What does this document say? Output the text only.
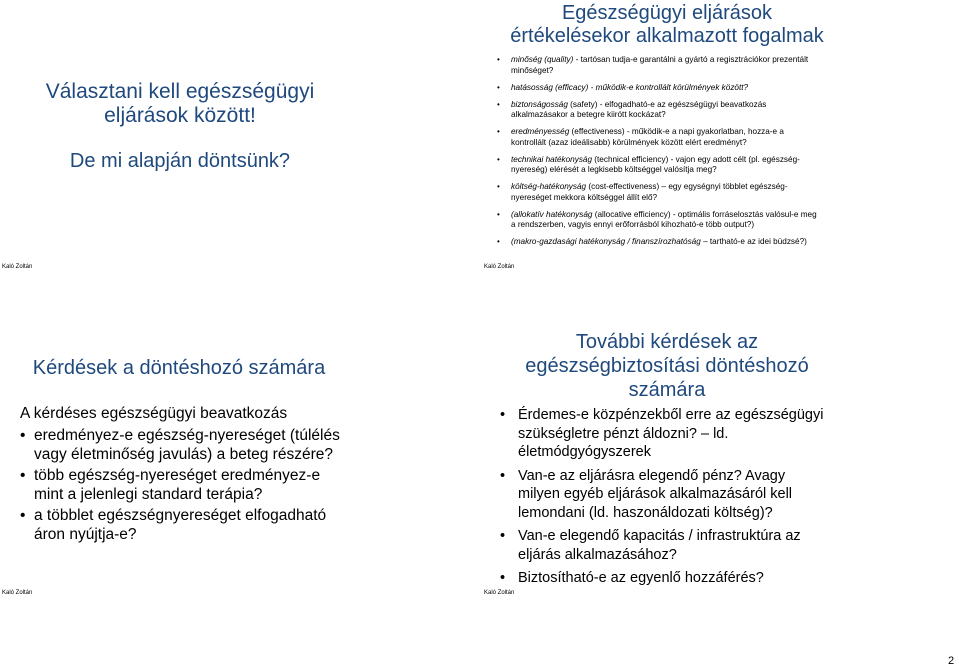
Választani kell egészségügyi
eljárások között!
De mi alapján döntsünk?
Kaló Zoltán
Egészségügyi eljárások
értékelésekor alkalmazott fogalmak
• minőség (quality) - tartósan tudja-e garantálni a gyártó a regisztrációkor prezentált minőséget?
• hatásosság (efficacy) - működik-e kontrollált körülmények között?
• biztonságosság (safety) - elfogadható-e az egészségügyi beavatkozás alkalmazásakor a betegre kiirótt kockázat?
• eredményesség (effectiveness) - működik-e a napi gyakorlatban, hozza-e a kontrollált (azaz ideálisabb) körülmények között elért eredményt?
• technikai hatékonyság (technical efficiency) - vajon egy adott célt (pl. egészség-nyereség) elérését a legkisebb költséggel valósítja meg?
• költség-hatékonyság (cost-effectiveness) – egy egységnyi többlet egészség-nyereséget mekkora költséggel állít elő?
• (allokatív hatékonyság (allocative efficiency) - optimális forráselosztás valósul-e meg a rendszerben, vagyis ennyi erőforrásból kihozható-e több output?)
• (makro-gazdasági hatékonyság / finanszírozhatóság – tartható-e az idei büdzsé?)
Kaló Zoltán
Kérdések a döntéshozó számára
A kérdéses egészségügyi beavatkozás
• eredményez-e egészség-nyereséget (túlélés vagy életminőség javulás) a beteg részére?
• több egészség-nyereséget eredményez-e mint a jelenlegi standard terápia?
• a többlet egészségnyereséget elfogadható áron nyújtja-e?
Kaló Zoltán
További kérdések az
egészségbiztosítási döntéshozó
számára
• Érdemes-e közpénzekből erre az egészségügyi szükségletre pénzt áldozni? – ld. életmódgyógyszerek
• Van-e az eljárásra elegendő pénz? Avagy milyen egyéb eljárások alkalmazásáról kell lemondani (ld. haszonáldozati költség)?
• Van-e elegendő kapacitás / infrastruktúra az eljárás alkalmazásához?
• Biztosítható-e az egyenlő hozzáférés?
Kaló Zoltán
2
